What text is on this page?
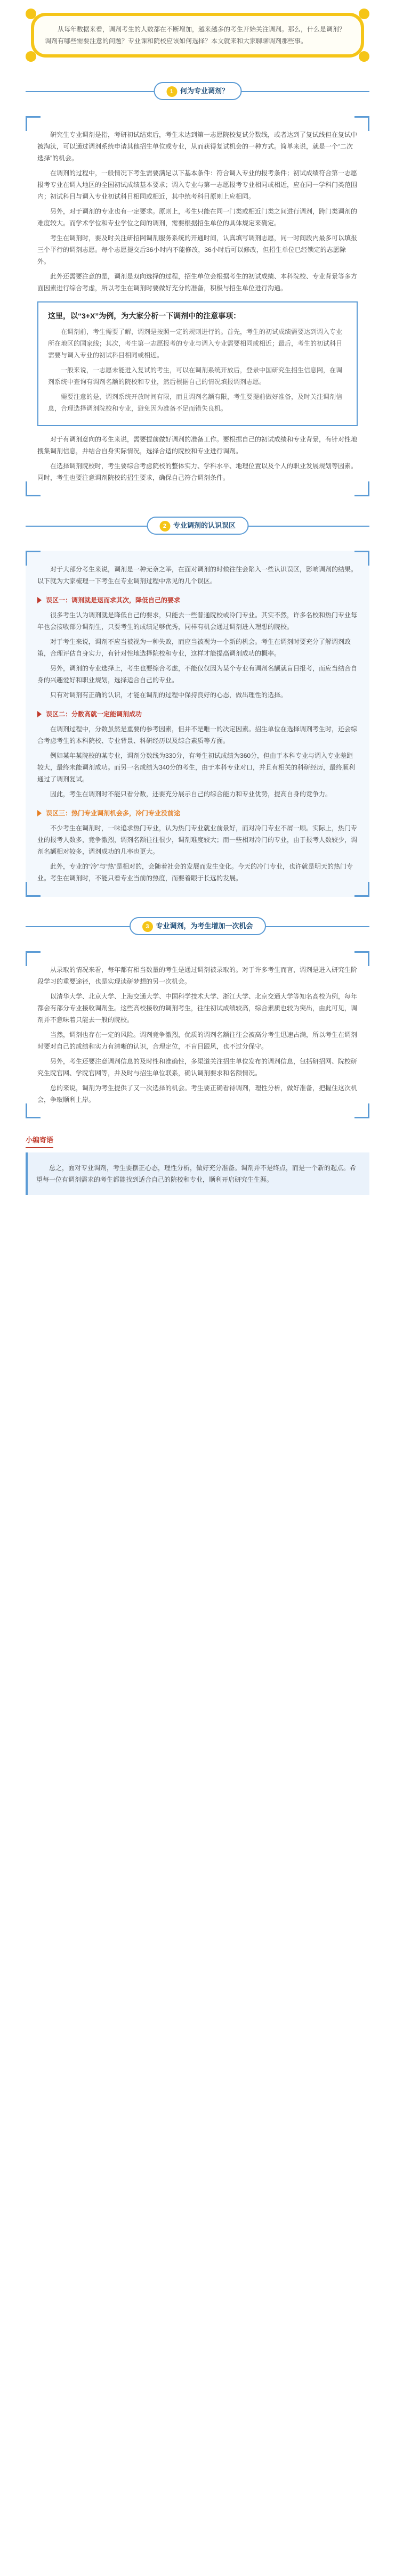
从每年数据来看，调剂考生的人数都在不断增加，越来越多的考生开始关注调剂。那么，什么是调剂？调剂有哪些需要注意的问题？专业课和院校应该如何选择？本文就来和大家聊聊调剂那些事。

1 何为专业调剂？

研究生专业调剂是指，考研初试结束后，考生未达到第一志愿院校复试分数线，或者达到了复试线但在复试中被淘汰，可以通过调剂系统申请其他招生单位或专业，从而获得复试机会的一种方式。简单来说，就是一个“二次选择”的机会。

在调剂的过程中，一般情况下考生需要满足以下基本条件：符合调入专业的报考条件；初试成绩符合第一志愿报考专业在调入地区的全国初试成绩基本要求；调入专业与第一志愿报考专业相同或相近，应在同一学科门类范围内；初试科目与调入专业初试科目相同或相近，其中统考科目原则上应相同。

另外，对于调剂的专业也有一定要求。原则上，考生只能在同一门类或相近门类之间进行调剂，跨门类调剂的难度较大。而学术学位和专业学位之间的调剂，需要根据招生单位的具体规定来确定。

考生在调剂时，要及时关注研招网调剂服务系统的开通时间，认真填写调剂志愿，同一时间段内最多可以填报三个平行的调剂志愿。每个志愿提交后36小时内不能修改，36小时后可以修改，但招生单位已经锁定的志愿除外。

此外还需要注意的是，调剂是双向选择的过程，招生单位会根据考生的初试成绩、本科院校、专业背景等多方面因素进行综合考虑，所以考生在调剂时要做好充分的准备，积极与招生单位进行沟通。

这里，以“3+X”为例，为大家分析一下调剂中的注意事项：

在调剂前，考生需要了解，调剂是按照一定的规则进行的。首先，考生的初试成绩需要达到调入专业所在地区的国家线；其次，考生第一志愿报考的专业与调入专业需要相同或相近；最后，考生的初试科目需要与调入专业的初试科目相同或相近。

一般来说，一志愿未能进入复试的考生，可以在调剂系统开放后，登录中国研究生招生信息网，在调剂系统中查询有调剂名额的院校和专业，然后根据自己的情况填报调剂志愿。

需要注意的是，调剂系统开放时间有限，而且调剂名额有限，考生要提前做好准备，及时关注调剂信息，合理选择调剂院校和专业，避免因为准备不足而错失良机。

对于有调剂意向的考生来说，需要提前做好调剂的准备工作。要根据自己的初试成绩和专业背景，有针对性地搜集调剂信息，并结合自身实际情况，选择合适的院校和专业进行调剂。

在选择调剂院校时，考生要综合考虑院校的整体实力、学科水平、地理位置以及个人的职业发展规划等因素。同时，考生也要注意调剂院校的招生要求，确保自己符合调剂条件。

2 专业调剂的认识误区

对于大部分考生来说，调剂是一种无奈之举，在面对调剂的时候往往会陷入一些认识误区，影响调剂的结果。以下就为大家梳理一下考生在专业调剂过程中常见的几个误区。

误区一：调剂就是退而求其次，降低自己的要求

很多考生认为调剂就是降低自己的要求，只能去一些普通院校或冷门专业。其实不然，许多名校和热门专业每年也会接收部分调剂生，只要考生的成绩足够优秀，同样有机会通过调剂进入理想的院校。

对于考生来说，调剂不应当被视为一种失败，而应当被视为一个新的机会。考生在调剂时要充分了解调剂政策，合理评估自身实力，有针对性地选择院校和专业，这样才能提高调剂成功的概率。

另外，调剂的专业选择上，考生也要综合考虑，不能仅仅因为某个专业有调剂名额就盲目报考，而应当结合自身的兴趣爱好和职业规划，选择适合自己的专业。

只有对调剂有正确的认识，才能在调剂的过程中保持良好的心态，做出理性的选择。

误区二：分数高就一定能调剂成功

在调剂过程中，分数虽然是重要的参考因素，但并不是唯一的决定因素。招生单位在选择调剂考生时，还会综合考虑考生的本科院校、专业背景、科研经历以及综合素质等方面。

例如某年某院校的某专业，调剂分数线为330分，有考生初试成绩为360分，但由于本科专业与调入专业差距较大，最终未能调剂成功。而另一名成绩为340分的考生，由于本科专业对口，并且有相关的科研经历，最终顺利通过了调剂复试。

因此，考生在调剂时不能只看分数，还要充分展示自己的综合能力和专业优势，提高自身的竞争力。

误区三：热门专业调剂机会多，冷门专业没前途

不少考生在调剂时，一味追求热门专业，认为热门专业就业前景好，而对冷门专业不屑一顾。实际上，热门专业的报考人数多，竞争激烈，调剂名额往往很少，调剂难度较大；而一些相对冷门的专业，由于报考人数较少，调剂名额相对较多，调剂成功的几率也更大。

此外，专业的“冷”与“热”是相对的，会随着社会的发展而发生变化。今天的冷门专业，也许就是明天的热门专业。考生在调剂时，不能只看专业当前的热度，而要着眼于长远的发展。

3 专业调剂，为考生增加一次机会

从录取的情况来看，每年都有相当数量的考生是通过调剂被录取的。对于许多考生而言，调剂是进入研究生阶段学习的重要途径，也是实现读研梦想的另一次机会。

以清华大学、北京大学、上海交通大学、中国科学技术大学、浙江大学、北京交通大学等知名高校为例，每年都会有部分专业接收调剂生。这些高校接收的调剂考生，往往初试成绩较高，综合素质也较为突出，由此可见，调剂并不意味着只能去一般的院校。

当然，调剂也存在一定的风险。调剂竞争激烈，优质的调剂名额往往会被高分考生迅速占满，所以考生在调剂时要对自己的成绩和实力有清晰的认识，合理定位，不盲目跟风，也不过分保守。

另外，考生还要注意调剂信息的及时性和准确性，多渠道关注招生单位发布的调剂信息，包括研招网、院校研究生院官网、学院官网等，并及时与招生单位联系，确认调剂要求和名额情况。

总的来说，调剂为考生提供了又一次选择的机会。考生要正确看待调剂，理性分析，做好准备，把握住这次机会，争取顺利上岸。

小编寄语

总之，面对专业调剂，考生要摆正心态，理性分析，做好充分准备。调剂并不是终点，而是一个新的起点。希望每一位有调剂需求的考生都能找到适合自己的院校和专业，顺利开启研究生生涯。
